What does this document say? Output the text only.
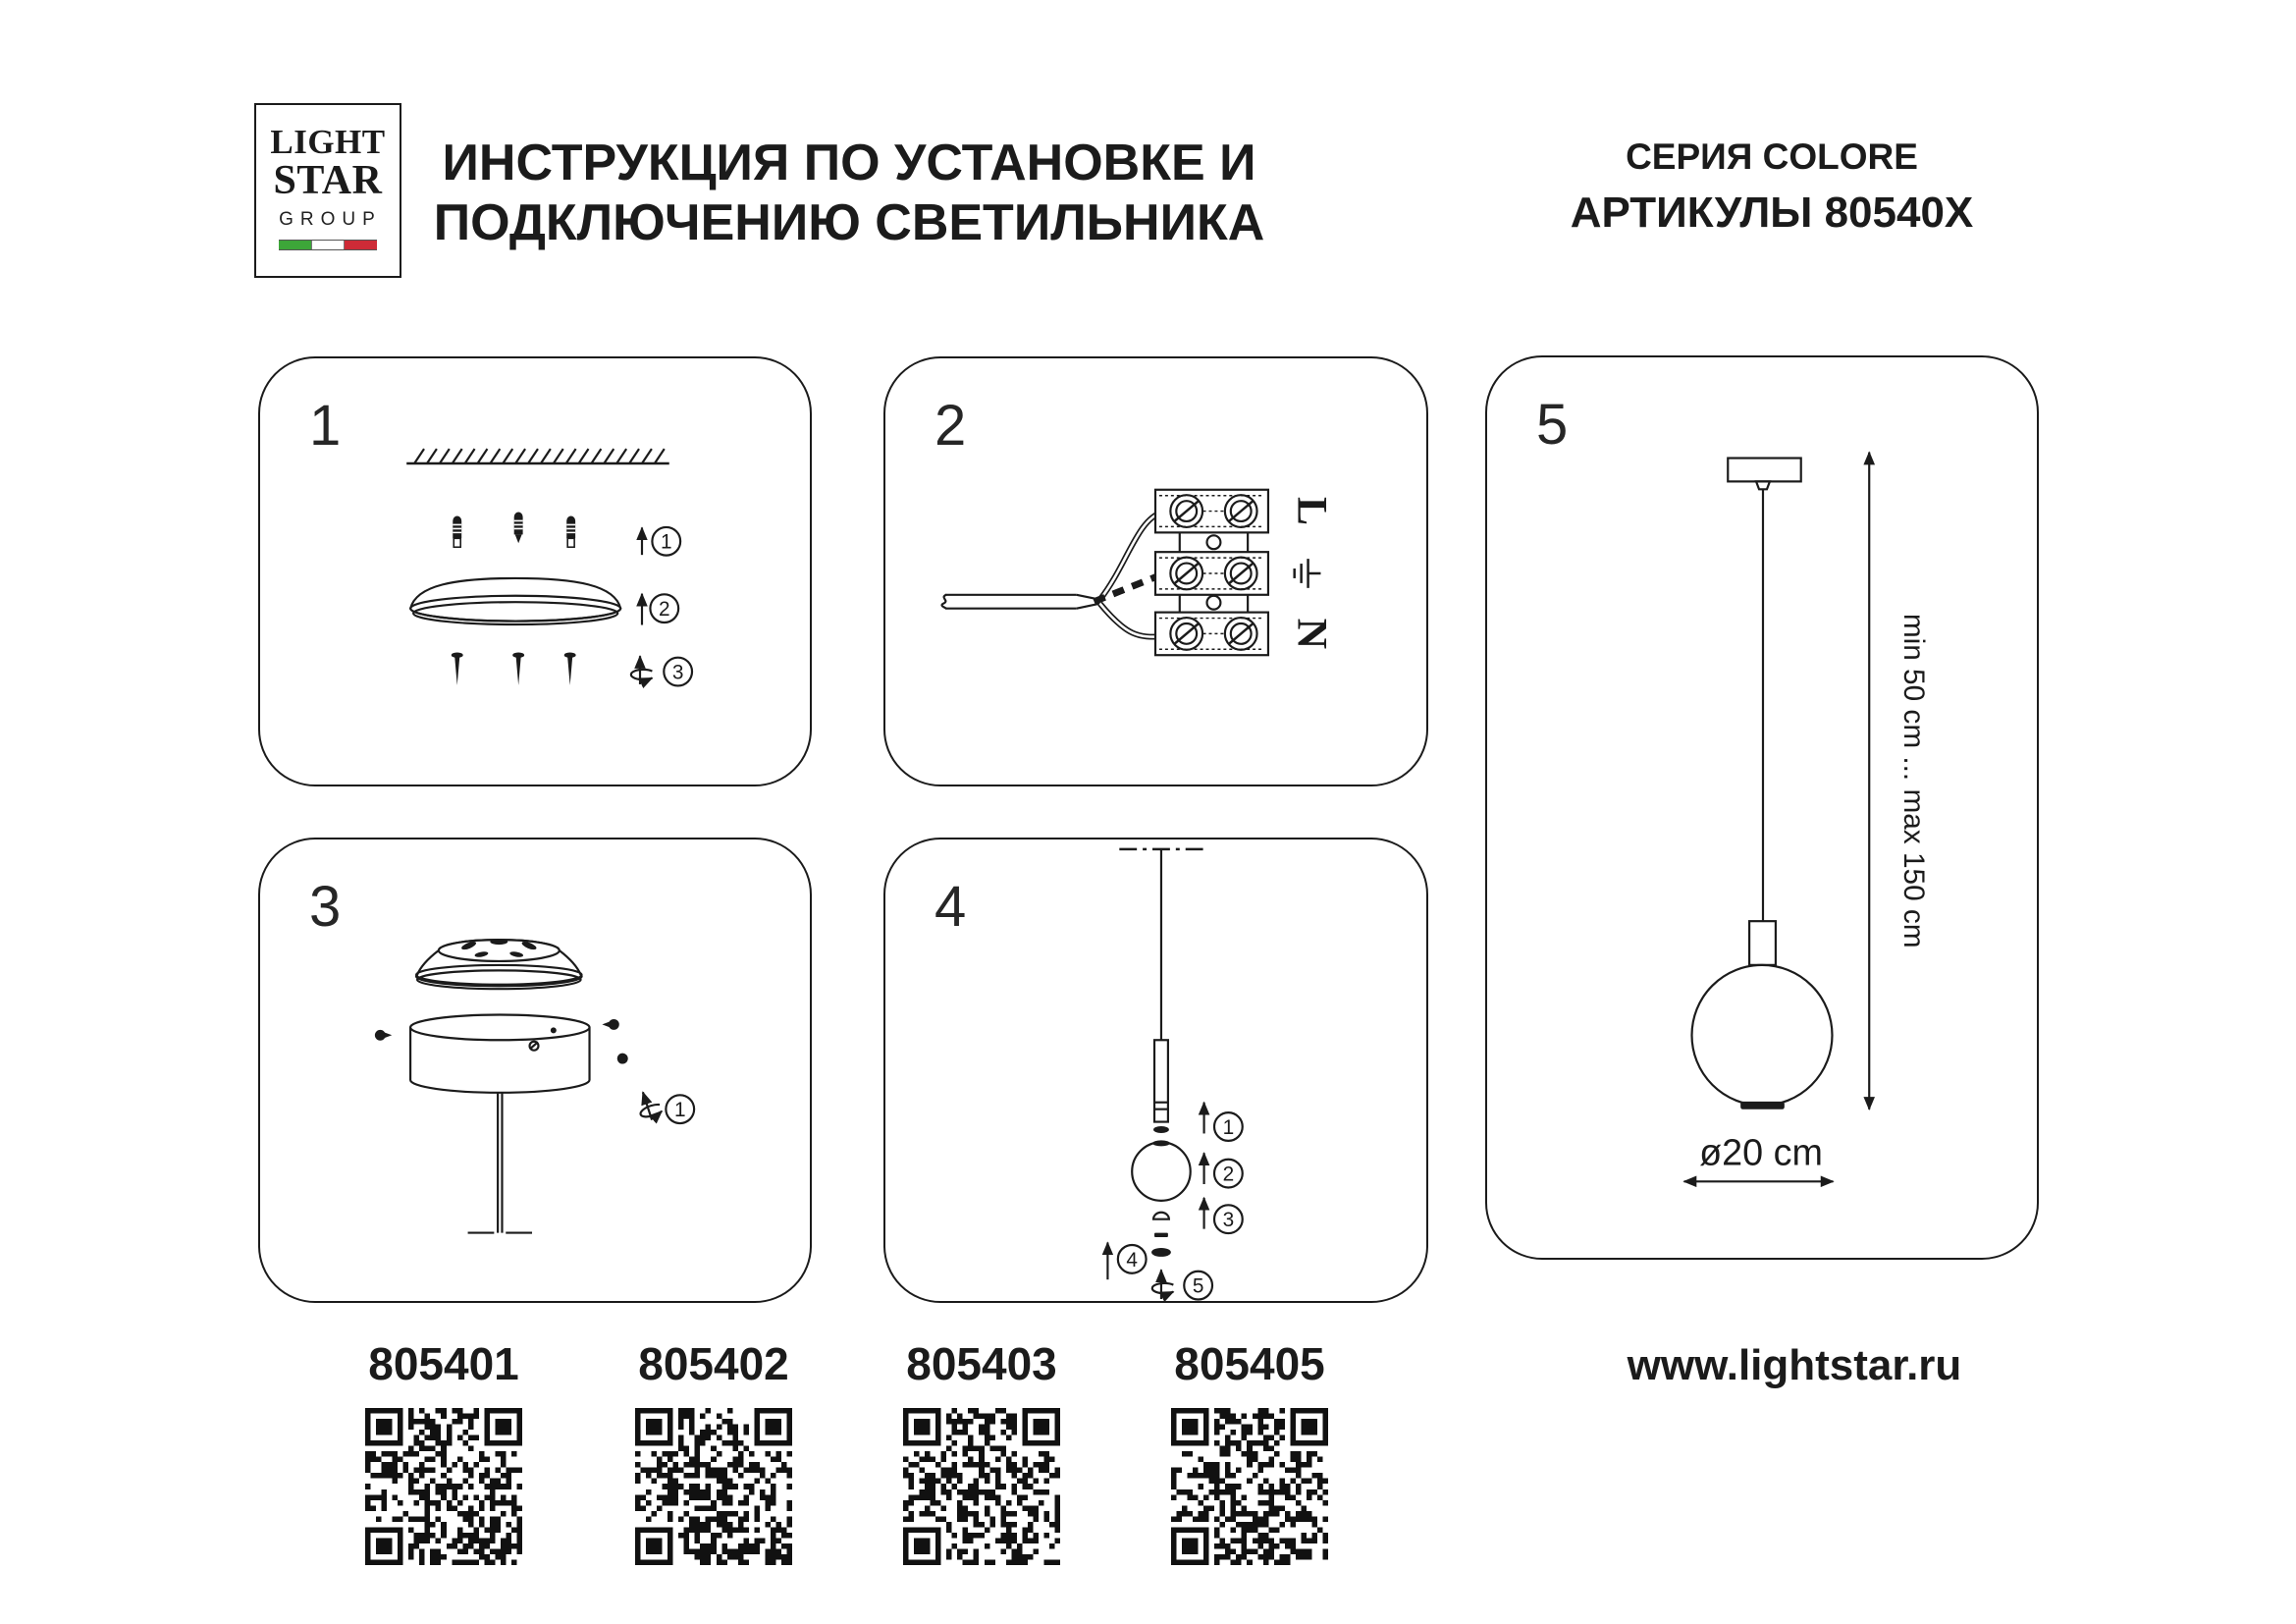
LIGHT
STAR
GROUP
ИНСТРУКЦИЯ ПО УСТАНОВКЕ И
ПОДКЛЮЧЕНИЮ СВЕТИЛЬНИКА
СЕРИЯ COLORE
АРТИКУЛЫ 80540X
1
1
2
3
2
L
N
3
1
4
1
2
3
4
5
5
min 50 cm ... max 150 cm
ø20 cm
805401	805402	805403	805405	www.lightstar.ru
